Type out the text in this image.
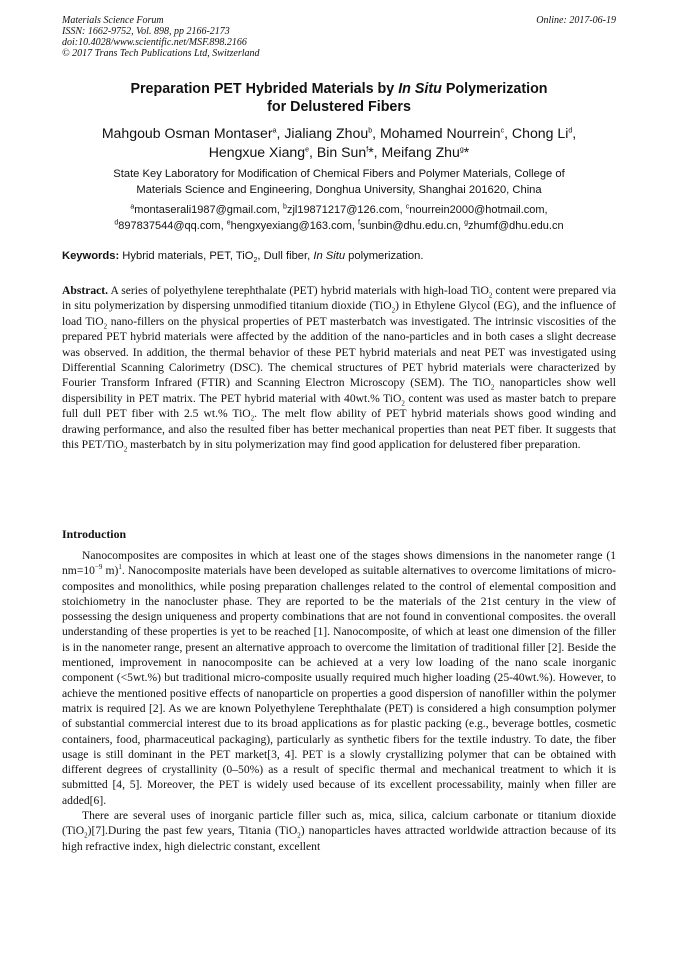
Materials Science Forum
ISSN: 1662-9752, Vol. 898, pp 2166-2173
doi:10.4028/www.scientific.net/MSF.898.2166
© 2017 Trans Tech Publications Ltd, Switzerland
Online: 2017-06-19
Preparation PET Hybrided Materials by In Situ Polymerization
for Delustered Fibers
Mahgoub Osman Montaser$^a$, Jialiang Zhou$^b$, Mohamed Nourrein$^c$, Chong Li$^d$,
Hengxue Xiang$^e$, Bin Sun$^f$*, Meifang Zhu$^g$*
State Key Laboratory for Modification of Chemical Fibers and Polymer Materials, College of
Materials Science and Engineering, Donghua University, Shanghai 201620, China
$^a$montaserali1987@gmail.com, $^b$zjl19871217@126.com, $^c$nourrein2000@hotmail.com,
$^d$897837544@qq.com, $^e$hengxyexiang@163.com, $^f$sunbin@dhu.edu.cn, $^g$zhumf@dhu.edu.cn
Keywords: Hybrid materials, PET, TiO$_2$, Dull fiber, In Situ polymerization.
Abstract. A series of polyethylene terephthalate (PET) hybrid materials with high-load TiO$_2$ content were prepared via in situ polymerization by dispersing unmodified titanium dioxide (TiO$_2$) in Ethylene Glycol (EG), and the influence of load TiO$_2$ nano-fillers on the physical properties of PET masterbatch was investigated. The intrinsic viscosities of the prepared PET hybrid materials were affected by the addition of the nano-particles and in both cases a slight decrease was observed. In addition, the thermal behavior of these PET hybrid materials and neat PET was investigated using Differential Scanning Calorimetry (DSC). The chemical structures of PET hybrid materials were characterized by Fourier Transform Infrared (FTIR) and Scanning Electron Microscopy (SEM). The TiO$_2$ nanoparticles show well dispersibility in PET matrix. The PET hybrid material with 40wt.% TiO$_2$ content was used as master batch to prepare full dull PET fiber with 2.5 wt.% TiO$_2$. The melt flow ability of PET hybrid materials shows good winding and drawing performance, and also the resulted fiber has better mechanical properties than neat PET fiber. It suggests that this PET/TiO$_2$ masterbatch by in situ polymerization may find good application for delustered fiber preparation.
Introduction

Nanocomposites are composites in which at least one of the stages shows dimensions in the nanometer range (1 $nm=10^{-9}$ m)$^1$. Nanocomposite materials have been developed as suitable alternatives to overcome limitations of micro-composites and monolithics, while posing preparation challenges related to the control of elemental composition and stoichiometry in the nanocluster phase. They are reported to be the materials of the 21st century in the view of possessing the design uniqueness and property combinations that are not found in conventional composites. the overall understanding of these properties is yet to be reached [1]. Nanocomposite, of which at least one dimension of the filler is in the nanometer range, present an alternative approach to overcome the limitation of traditional filler [2]. Beside the mentioned, improvement in nanocomposite can be achieved at a very low loading of the nano scale inorganic component (<5wt.%) but traditional micro-composite usually required much higher loading (25-40wt.%). However, to achieve the mentioned positive effects of nanoparticle on properties a good dispersion of nanofiller within the polymer matrix is required [2]. As we are known Polyethylene Terephthalate (PET) is considered a high consumption polymer of substantial commercial interest due to its broad applications as for plastic packing (e.g., beverage bottles, cosmetic containers, food, pharmaceutical packaging), particularly as synthetic fibers for the textile industry. To date, the fiber usage is still dominant in the PET market[3, 4]. PET is a slowly crystallizing polymer that can be obtained with different degrees of crystallinity (0–50%) as a result of specific thermal and mechanical treatment to which it is submitted [4, 5]. Moreover, the PET is widely used because of its excellent processability, mainly when filler are added[6].

There are several uses of inorganic particle filler such as, mica, silica, calcium carbonate or titanium dioxide (TiO$_2$)[7].During the past few years, Titania (TiO$_2$) nanoparticles haves attracted worldwide attraction because of its high refractive index, high dielectric constant, excellent
